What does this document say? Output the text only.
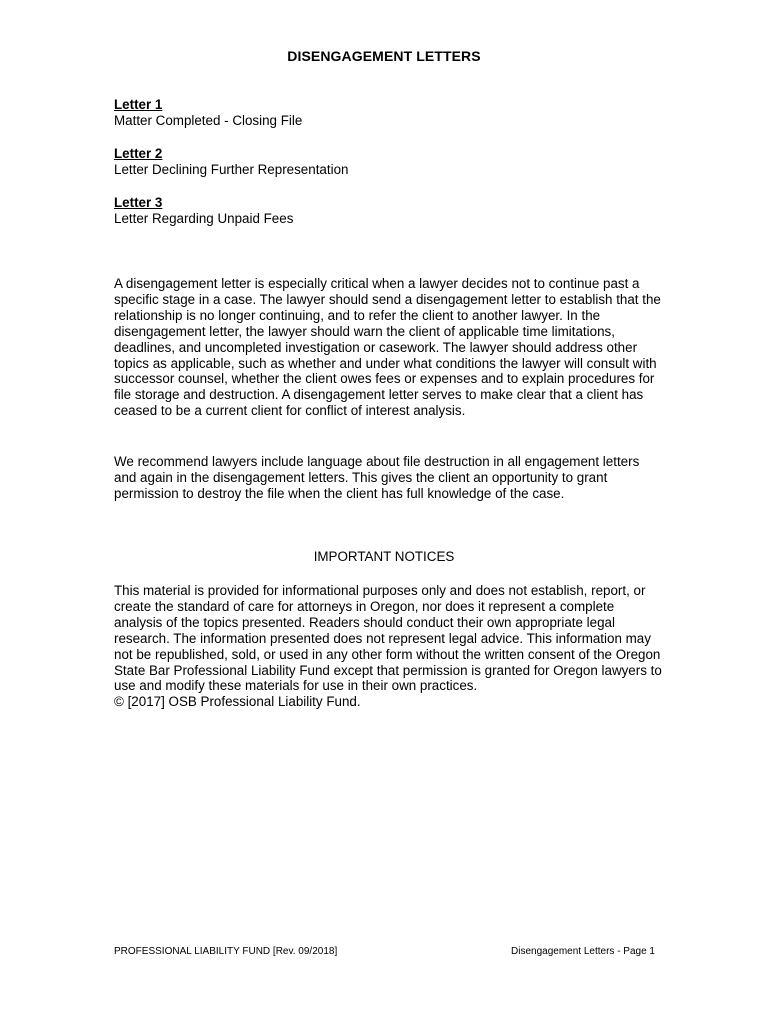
DISENGAGEMENT LETTERS
Letter 1
Matter Completed - Closing File
Letter 2
Letter Declining Further Representation
Letter 3
Letter Regarding Unpaid Fees

A disengagement letter is especially critical when a lawyer decides not to continue past a specific stage in a case. The lawyer should send a disengagement letter to establish that the relationship is no longer continuing, and to refer the client to another lawyer. In the disengagement letter, the lawyer should warn the client of applicable time limitations, deadlines, and uncompleted investigation or casework. The lawyer should address other topics as applicable, such as whether and under what conditions the lawyer will consult with successor counsel, whether the client owes fees or expenses and to explain procedures for file storage and destruction. A disengagement letter serves to make clear that a client has ceased to be a current client for conflict of interest analysis.

We recommend lawyers include language about file destruction in all engagement letters and again in the disengagement letters. This gives the client an opportunity to grant permission to destroy the file when the client has full knowledge of the case.

IMPORTANT NOTICES
This material is provided for informational purposes only and does not establish, report, or create the standard of care for attorneys in Oregon, nor does it represent a complete analysis of the topics presented. Readers should conduct their own appropriate legal research. The information presented does not represent legal advice. This information may not be republished, sold, or used in any other form without the written consent of the Oregon State Bar Professional Liability Fund except that permission is granted for Oregon lawyers to use and modify these materials for use in their own practices.
© [2017] OSB Professional Liability Fund.
PROFESSIONAL LIABILITY FUND [Rev. 09/2018]	Disengagement Letters - Page 1
